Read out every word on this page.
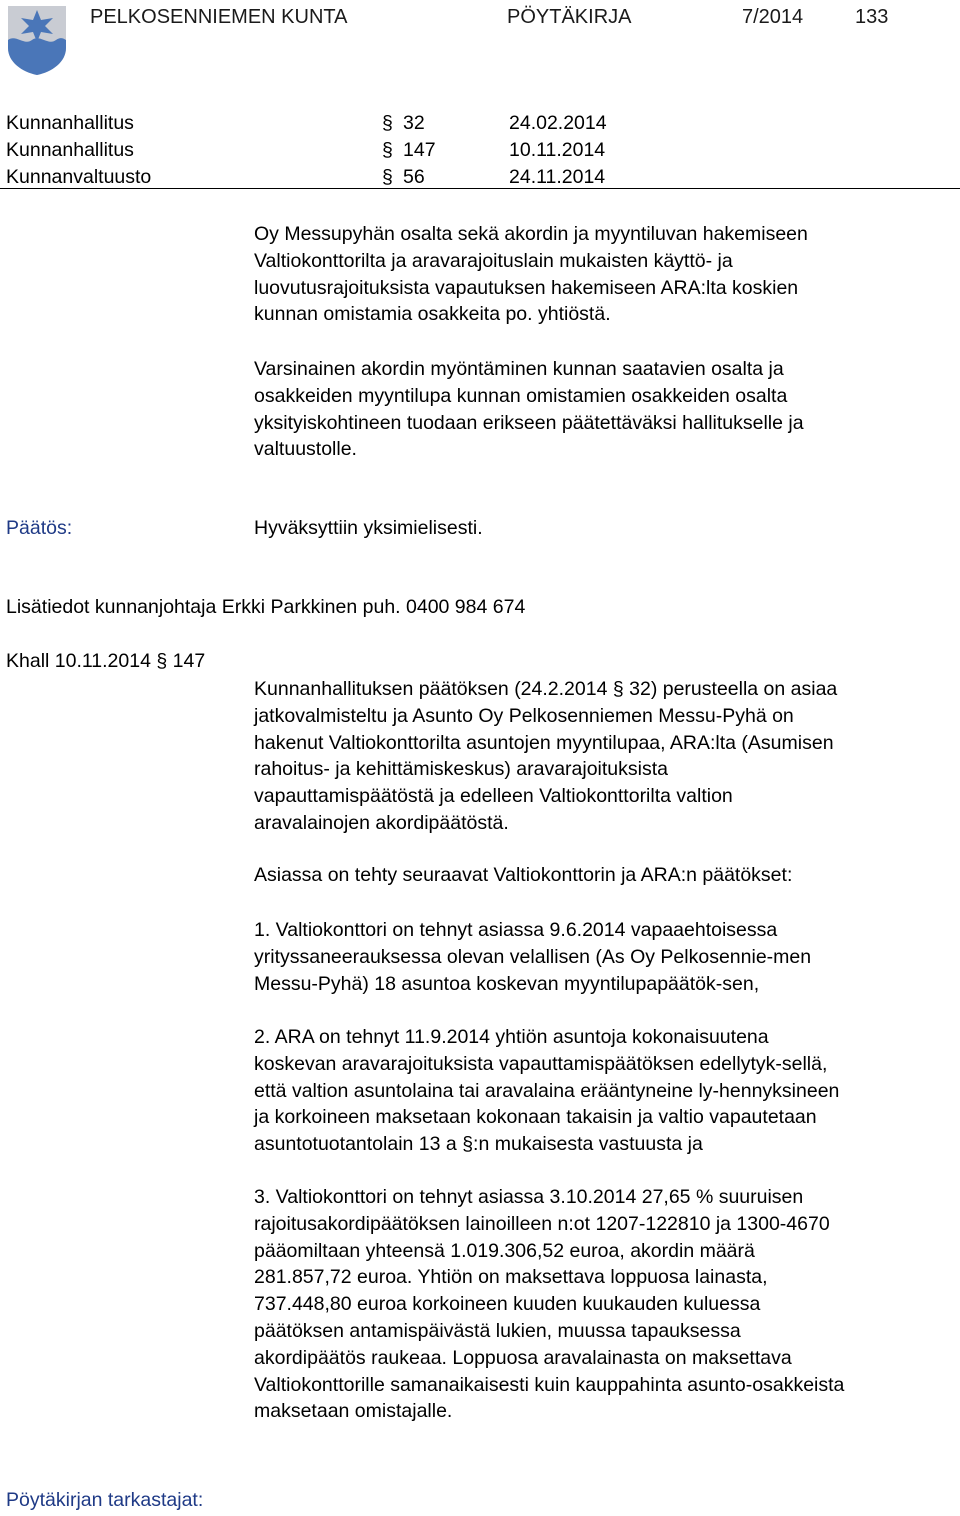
PELKOSENNIEMEN KUNTA	PÖYTÄKIRJA	7/2014	133
Kunnanhallitus	§ 32	24.02.2014
Kunnanhallitus	§ 147	10.11.2014
Kunnanvaltuusto	§ 56	24.11.2014
Oy Messupyhän osalta sekä akordin ja myyntiluvan hakemiseen
Valtiokonttorilta ja aravarajoituslain mukaisten käyttö- ja
luovutusrajoituksista vapautuksen hakemiseen ARA:lta koskien
kunnan omistamia osakkeita po. yhtiöstä.
Varsinainen akordin myöntäminen kunnan saatavien osalta ja
osakkeiden myyntilupa kunnan omistamien osakkeiden osalta
yksityiskohtineen tuodaan erikseen päätettäväksi hallitukselle ja
valtuustolle.
Päätös:	Hyväksyttiin yksimielisesti.
Lisätiedot kunnanjohtaja Erkki Parkkinen puh. 0400 984 674
Khall 10.11.2014 § 147
Kunnanhallituksen päätöksen (24.2.2014 § 32) perusteella on asiaa
jatkovalmisteltu ja Asunto Oy Pelkosenniemen Messu-Pyhä on
hakenut Valtiokonttorilta asuntojen myyntilupaa, ARA:lta (Asumisen
rahoitus- ja kehittämiskeskus) aravarajoituksista
vapauttamispäätöstä ja edelleen Valtiokonttorilta valtion
aravalainojen akordipäätöstä.
Asiassa on tehty seuraavat Valtiokonttorin ja ARA:n päätökset:
1. Valtiokonttori on tehnyt asiassa 9.6.2014 vapaaehtoisessa
yrityssaneerauksessa olevan velallisen (As Oy Pelkosennie-men
Messu-Pyhä) 18 asuntoa koskevan myyntilupapäätök-sen,
2. ARA on tehnyt 11.9.2014 yhtiön asuntoja kokonaisuutena
koskevan aravarajoituksista vapauttamispäätöksen edellytyk-sellä,
että valtion asuntolaina tai aravalaina erääntyneine ly-hennyksineen
ja korkoineen maksetaan kokonaan takaisin ja valtio vapautetaan
asuntotuotantolain 13 a §:n mukaisesta vastuusta ja
3. Valtiokonttori on tehnyt asiassa 3.10.2014 27,65 % suuruisen
rajoitusakordipäätöksen lainoilleen n:ot 1207-122810 ja 1300-4670
pääomiltaan yhteensä 1.019.306,52 euroa, akordin määrä
281.857,72 euroa. Yhtiön on maksettava loppuosa lainasta,
737.448,80 euroa korkoineen kuuden kuukauden kuluessa
päätöksen antamispäivästä lukien, muussa tapauksessa
akordipäätös raukeaa. Loppuosa aravalainasta on maksettava
Valtiokonttorille samanaikaisesti kuin kauppahinta asunto-osakkeista
maksetaan omistajalle.
Pöytäkirjan tarkastajat:
